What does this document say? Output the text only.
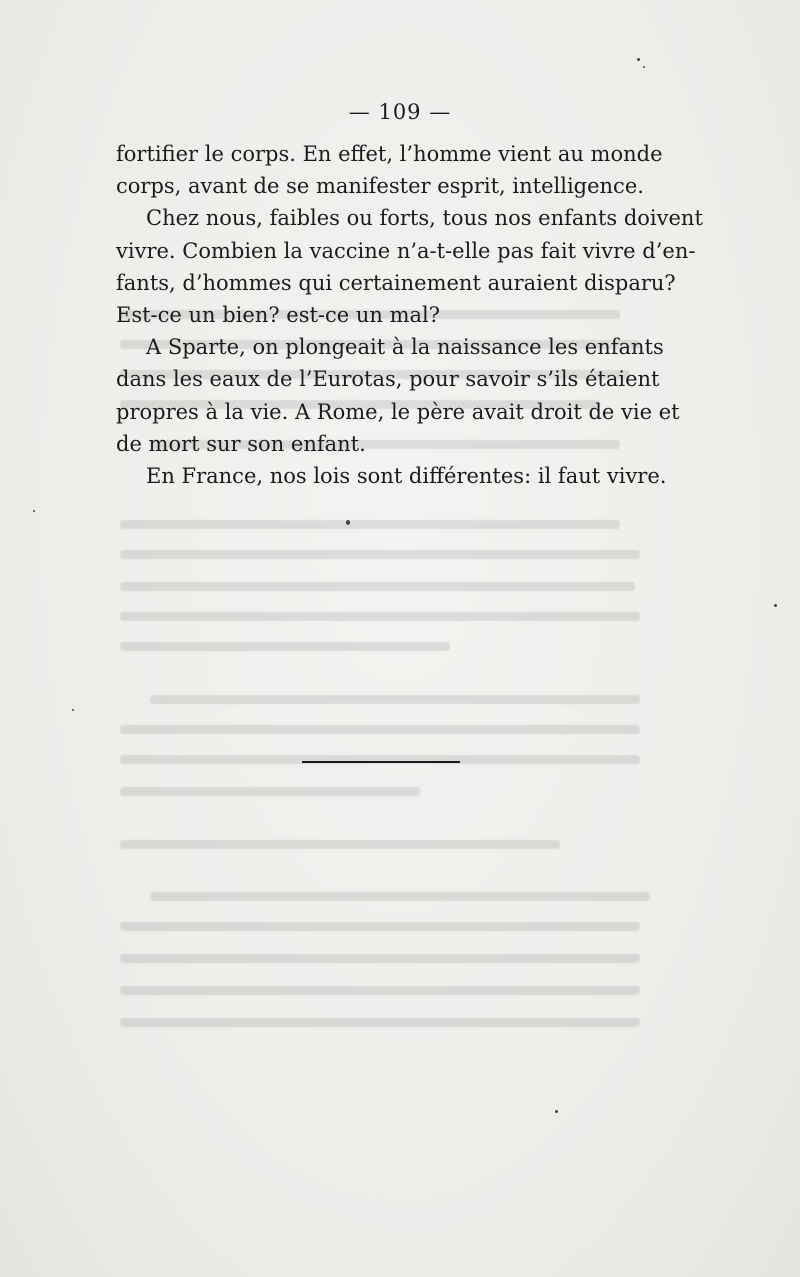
— 109 —

fortifier le corps. En effet, l’homme vient au monde
corps, avant de se manifester esprit, intelligence.

Chez nous, faibles ou forts, tous nos enfants doivent
vivre. Combien la vaccine n’a-t-elle pas fait vivre d’en-
fants, d’hommes qui certainement auraient disparu?
Est-ce un bien? est-ce un mal?

A Sparte, on plongeait à la naissance les enfants
dans les eaux de l’Eurotas, pour savoir s’ils étaient
propres à la vie. A Rome, le père avait droit de vie et
de mort sur son enfant.

En France, nos lois sont différentes: il faut vivre.
